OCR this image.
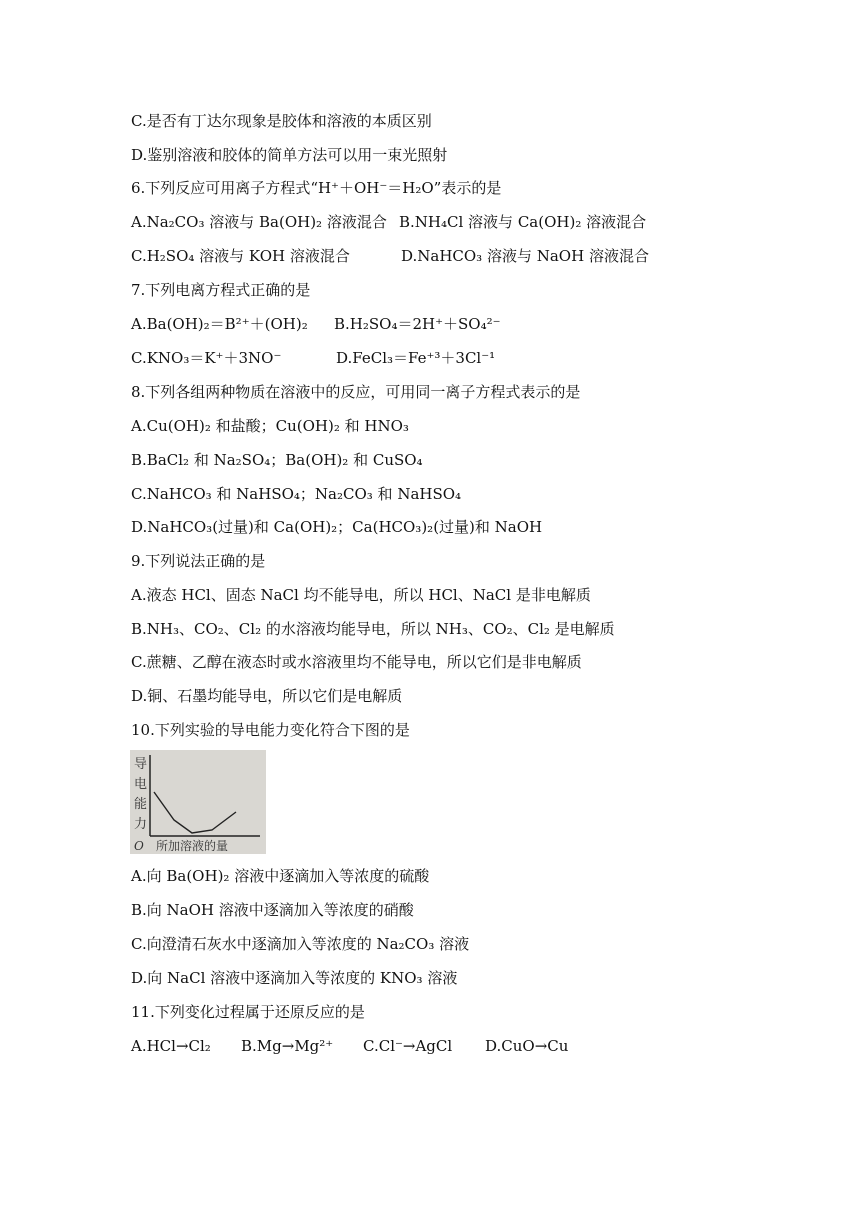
C.是否有丁达尔现象是胶体和溶液的本质区别
D.鉴别溶液和胶体的简单方法可以用一束光照射
6.下列反应可用离子方程式“H⁺＋OH⁻＝H₂O”表示的是
A.Na₂CO₃ 溶液与 Ba(OH)₂ 溶液混合 B.NH₄Cl 溶液与 Ca(OH)₂ 溶液混合
C.H₂SO₄ 溶液与 KOH 溶液混合	D.NaHCO₃ 溶液与 NaOH 溶液混合
7.下列电离方程式正确的是
A.Ba(OH)₂＝B²⁺＋(OH)₂ B.H₂SO₄＝2H⁺＋SO₄²⁻
C.KNO₃＝K⁺＋3NO⁻	D.FeCl₃＝Fe⁺³＋3Cl⁻¹
8.下列各组两种物质在溶液中的反应，可用同一离子方程式表示的是
A.Cu(OH)₂ 和盐酸；Cu(OH)₂ 和 HNO₃
B.BaCl₂ 和 Na₂SO₄；Ba(OH)₂ 和 CuSO₄
C.NaHCO₃ 和 NaHSO₄；Na₂CO₃ 和 NaHSO₄
D.NaHCO₃(过量)和 Ca(OH)₂；Ca(HCO₃)₂(过量)和 NaOH
9.下列说法正确的是
A.液态 HCl、固态 NaCl 均不能导电，所以 HCl、NaCl 是非电解质
B.NH₃、CO₂、Cl₂ 的水溶液均能导电，所以 NH₃、CO₂、Cl₂ 是电解质
C.蔗糖、乙醇在液态时或水溶液里均不能导电，所以它们是非电解质
D.铜、石墨均能导电，所以它们是电解质
10.下列实验的导电能力变化符合下图的是
导
电
能
力
O 所加溶液的量
A.向 Ba(OH)₂ 溶液中逐滴加入等浓度的硫酸
B.向 NaOH 溶液中逐滴加入等浓度的硝酸
C.向澄清石灰水中逐滴加入等浓度的 Na₂CO₃ 溶液
D.向 NaCl 溶液中逐滴加入等浓度的 KNO₃ 溶液
11.下列变化过程属于还原反应的是
A.HCl→Cl₂ B.Mg→Mg²⁺ C.Cl⁻→AgCl D.CuO→Cu
